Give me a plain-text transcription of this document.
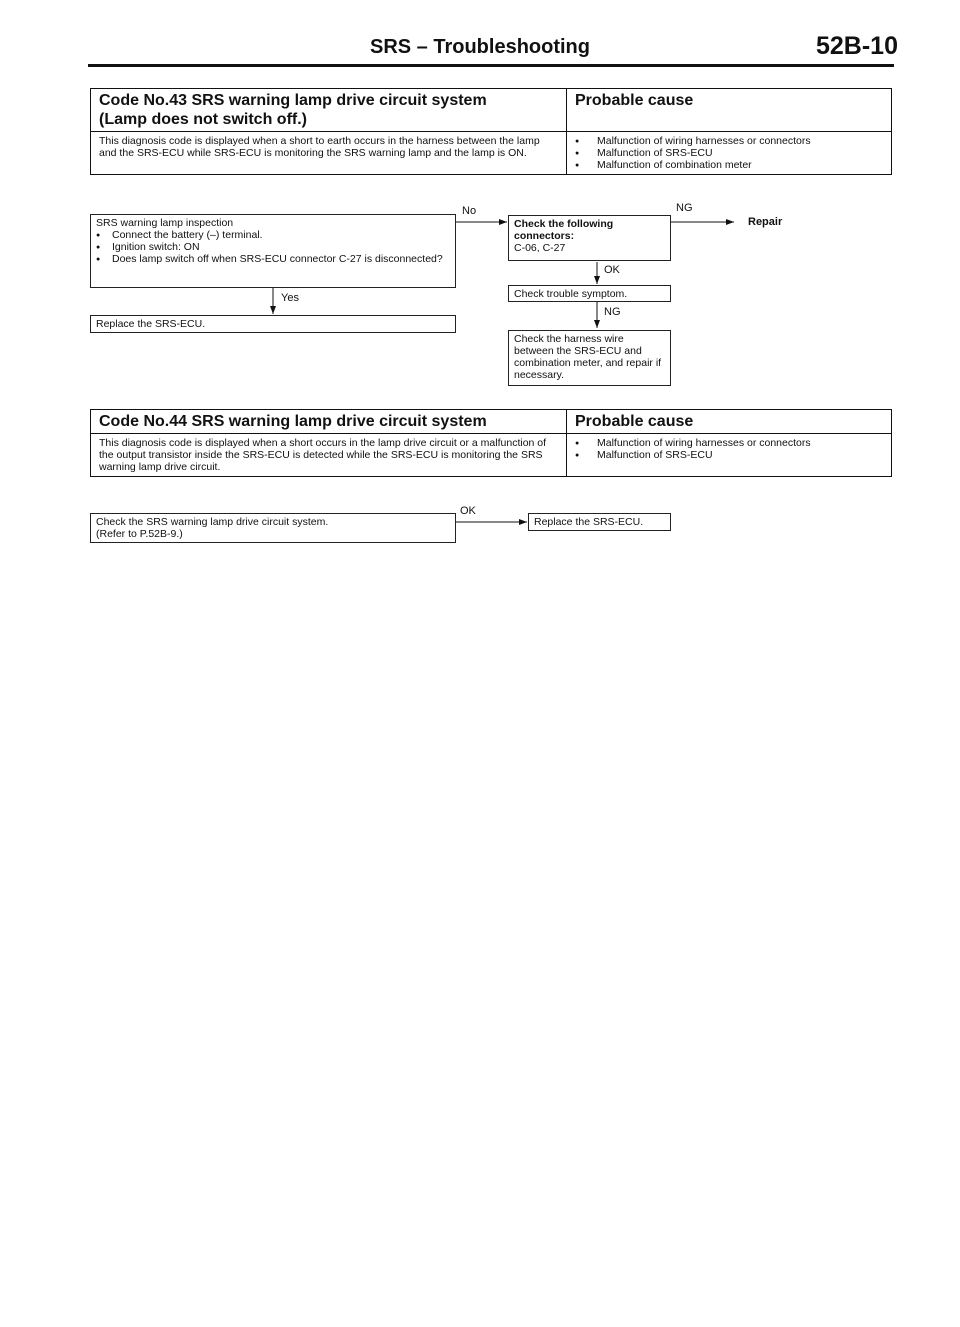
SRS – Troubleshooting	52B-10
Code No.43 SRS warning lamp drive circuit system
(Lamp does not switch off.)
Probable cause
This diagnosis code is displayed when a short to earth occurs in the harness between the lamp and the SRS-ECU while SRS-ECU is monitoring the SRS warning lamp and the lamp is ON.
● Malfunction of wiring harnesses or connectors
● Malfunction of SRS-ECU
● Malfunction of combination meter
SRS warning lamp inspection
● Connect the battery (–) terminal.
● Ignition switch: ON
● Does lamp switch off when SRS-ECU connector C-27 is disconnected?
No
Yes
Replace the SRS-ECU.
Check the following
connectors:
C-06, C-27
NG
Repair
OK
Check trouble symptom.
NG
Check the harness wire between the SRS-ECU and combination meter, and repair if necessary.
Code No.44 SRS warning lamp drive circuit system	Probable cause
This diagnosis code is displayed when a short occurs in the lamp drive circuit or a malfunction of the output transistor inside the SRS-ECU is detected while the SRS-ECU is monitoring the SRS warning lamp drive circuit.
● Malfunction of wiring harnesses or connectors
● Malfunction of SRS-ECU
Check the SRS warning lamp drive circuit system.
(Refer to P.52B-9.)
OK
Replace the SRS-ECU.
